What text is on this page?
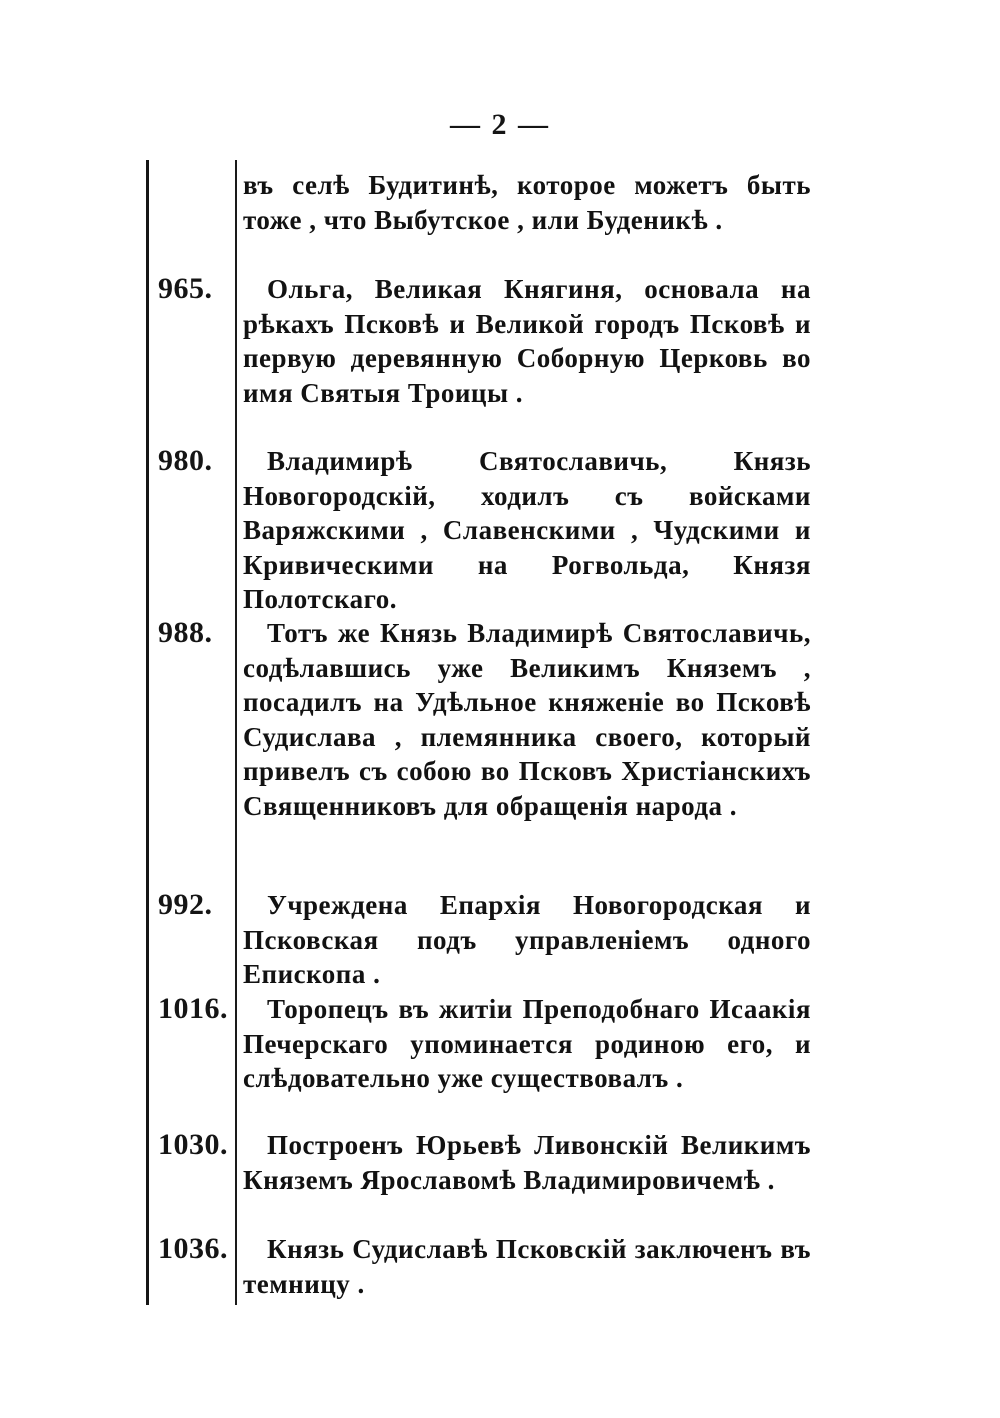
— 2 —

въ селѣ Будитинѣ, которое можетъ быть тоже , что Выбутское , или Буденикѣ .

965.	Ольга, Великая Княгиня, основала на рѣкахъ Псковѣ и Великой городъ Псковѣ и первую деревянную Соборную Церковь во имя Святыя Троицы .

980.	Владимирѣ Святославичь, Князь Новогородскій, ходилъ съ войсками Варяжскими , Славенскими , Чудскими и Кривическими на Рогвольда, Князя Полотскаго.

988.	Тотъ же Князь Владимирѣ Святославичь, содѣлавшись уже Великимъ Княземъ , посадилъ на Удѣльное княженіе во Псковѣ Судислава , племянника своего, который привелъ съ собою во Псковъ Христіанскихъ Священниковъ для обращенія народа .

992.	Учреждена Епархія Новогородская и Псковская подъ управленіемъ одного Епископа .

1016.	Торопецъ въ житіи Преподобнаго Исаакія Печерскаго упоминается родиною его, и слѣдовательно уже существовалъ .

1030.	Построенъ Юрьевѣ Ливонскій Великимъ Княземъ Ярославомѣ Владимировичемѣ .

1036.	Князь Судиславѣ Псковскій заключенъ въ темницу .
